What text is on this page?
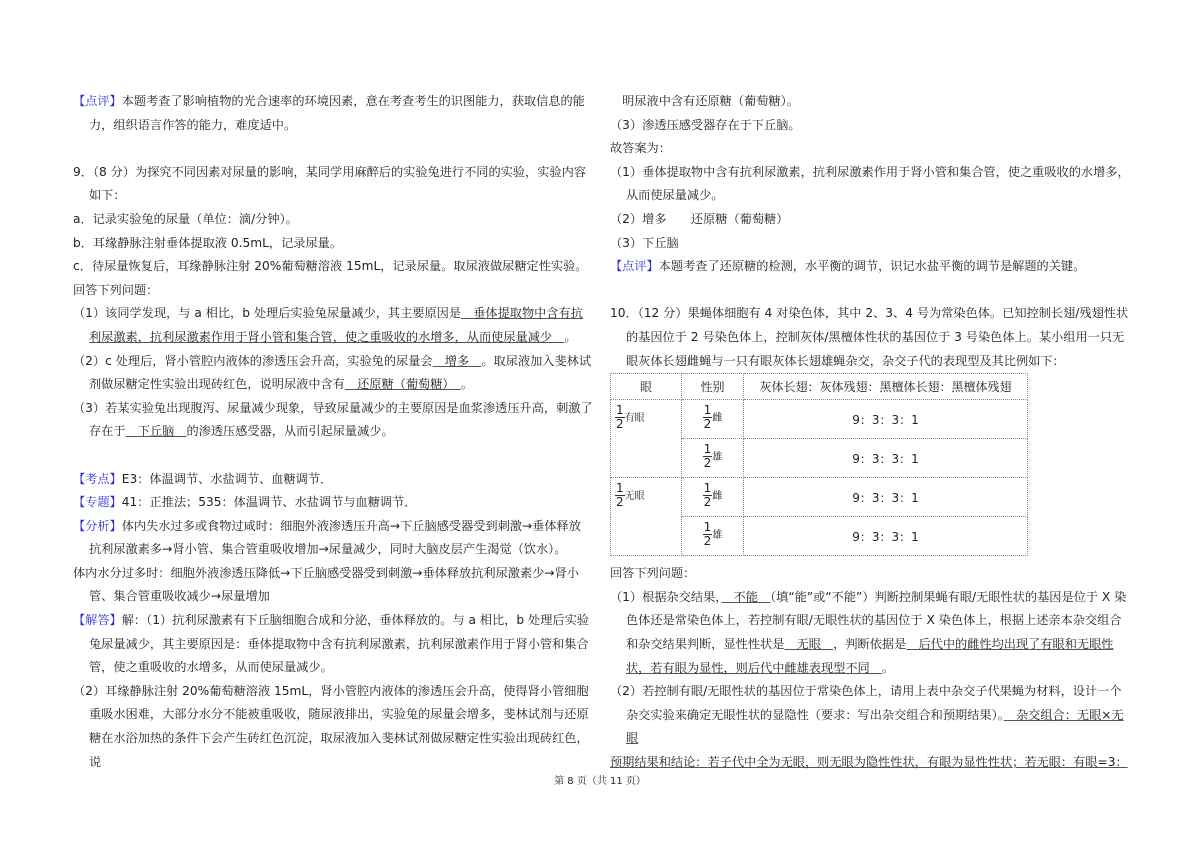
【点评】本题考查了影响植物的光合速率的环境因素，意在考查考生的识图能力，获取信息的能力，组织语言作答的能力，难度适中。
9．（8 分）为探究不同因素对尿量的影响，某同学用麻醉后的实验兔进行不同的实验，实验内容如下：
a．记录实验兔的尿量（单位：滴/分钟）。
b．耳缘静脉注射垂体提取液 0.5mL，记录尿量。
c．待尿量恢复后，耳缘静脉注射 20%葡萄糖溶液 15mL，记录尿量。取尿液做尿糖定性实验。
回答下列问题：
（1）该同学发现，与 a 相比，b 处理后实验兔尿量减少，其主要原因是　垂体提取物中含有抗利尿激素，抗利尿激素作用于肾小管和集合管，使之重吸收的水增多，从而使尿量减少　。
（2）c 处理后，肾小管腔内液体的渗透压会升高，实验兔的尿量会　增多　。取尿液加入斐林试剂做尿糖定性实验出现砖红色，说明尿液中含有　还原糖（葡萄糖）　。
（3）若某实验兔出现腹泻、尿量减少现象，导致尿量减少的主要原因是血浆渗透压升高，刺激了存在于　下丘脑　的渗透压感受器，从而引起尿量减少。
【考点】E3：体温调节、水盐调节、血糖调节．
【专题】41：正推法；535：体温调节、水盐调节与血糖调节．
【分析】体内失水过多或食物过咸时：细胞外液渗透压升高→下丘脑感受器受到刺激→垂体释放抗利尿激素多→肾小管、集合管重吸收增加→尿量减少，同时大脑皮层产生渴觉（饮水）。
体内水分过多时：细胞外液渗透压降低→下丘脑感受器受到刺激→垂体释放抗利尿激素少→肾小管、集合管重吸收减少→尿量增加
【解答】解：（1）抗利尿激素有下丘脑细胞合成和分泌，垂体释放的。与 a 相比，b 处理后实验兔尿量减少，其主要原因是：垂体提取物中含有抗利尿激素，抗利尿激素作用于肾小管和集合管，使之重吸收的水增多，从而使尿量减少。
（2）耳缘静脉注射 20%葡萄糖溶液 15mL，肾小管腔内液体的渗透压会升高，使得肾小管细胞重吸水困难，大部分水分不能被重吸收，随尿液排出，实验兔的尿量会增多，斐林试剂与还原糖在水浴加热的条件下会产生砖红色沉淀，取尿液加入斐林试剂做尿糖定性实验出现砖红色，说
　明尿液中含有还原糖（葡萄糖）。
（3）渗透压感受器存在于下丘脑。
故答案为：
（1）垂体提取物中含有抗利尿激素，抗利尿激素作用于肾小管和集合管，使之重吸收的水增多，从而使尿量减少。
（2）增多　　还原糖（葡萄糖）
（3）下丘脑
【点评】本题考查了还原糖的检测，水平衡的调节，识记水盐平衡的调节是解题的关键。
10．（12 分）果蝇体细胞有 4 对染色体，其中 2、3、4 号为常染色体。已知控制长翅/残翅性状的基因位于 2 号染色体上，控制灰体/黑檀体性状的基因位于 3 号染色体上。某小组用一只无眼灰体长翅雌蝇与一只有眼灰体长翅雄蝇杂交，杂交子代的表现型及其比例如下：
眼	性别	灰体长翅：灰体残翅：黑檀体长翅：黑檀体残翅

$\frac{1}{2}$ 有眼	$\frac{1}{2}$ 雌	9：3：3：1

	$\frac{1}{2}$ 雄	9：3：3：1

$\frac{1}{2}$ 无眼	$\frac{1}{2}$ 雌	9：3：3：1

	$\frac{1}{2}$ 雄	9：3：3：1
回答下列问题：
（1）根据杂交结果，　不能　（填“能”或“不能”）判断控制果蝇有眼/无眼性状的基因是位于 X 染色体还是常染色体上，若控制有眼/无眼性状的基因位于 X 染色体上，根据上述亲本杂交组合和杂交结果判断，显性性状是　无眼　，判断依据是　后代中的雌性均出现了有眼和无眼性状，若有眼为显性，则后代中雌雄表现型不同　。
（2）若控制有眼/无眼性状的基因位于常染色体上，请用上表中杂交子代果蝇为材料，设计一个杂交实验来确定无眼性状的显隐性（要求：写出杂交组合和预期结果）。　杂交组合：无眼×无眼
预期结果和结论：若子代中全为无眼，则无眼为隐性性状，有眼为显性性状；若无眼：有眼=3：
第 8 页（共 11 页）
